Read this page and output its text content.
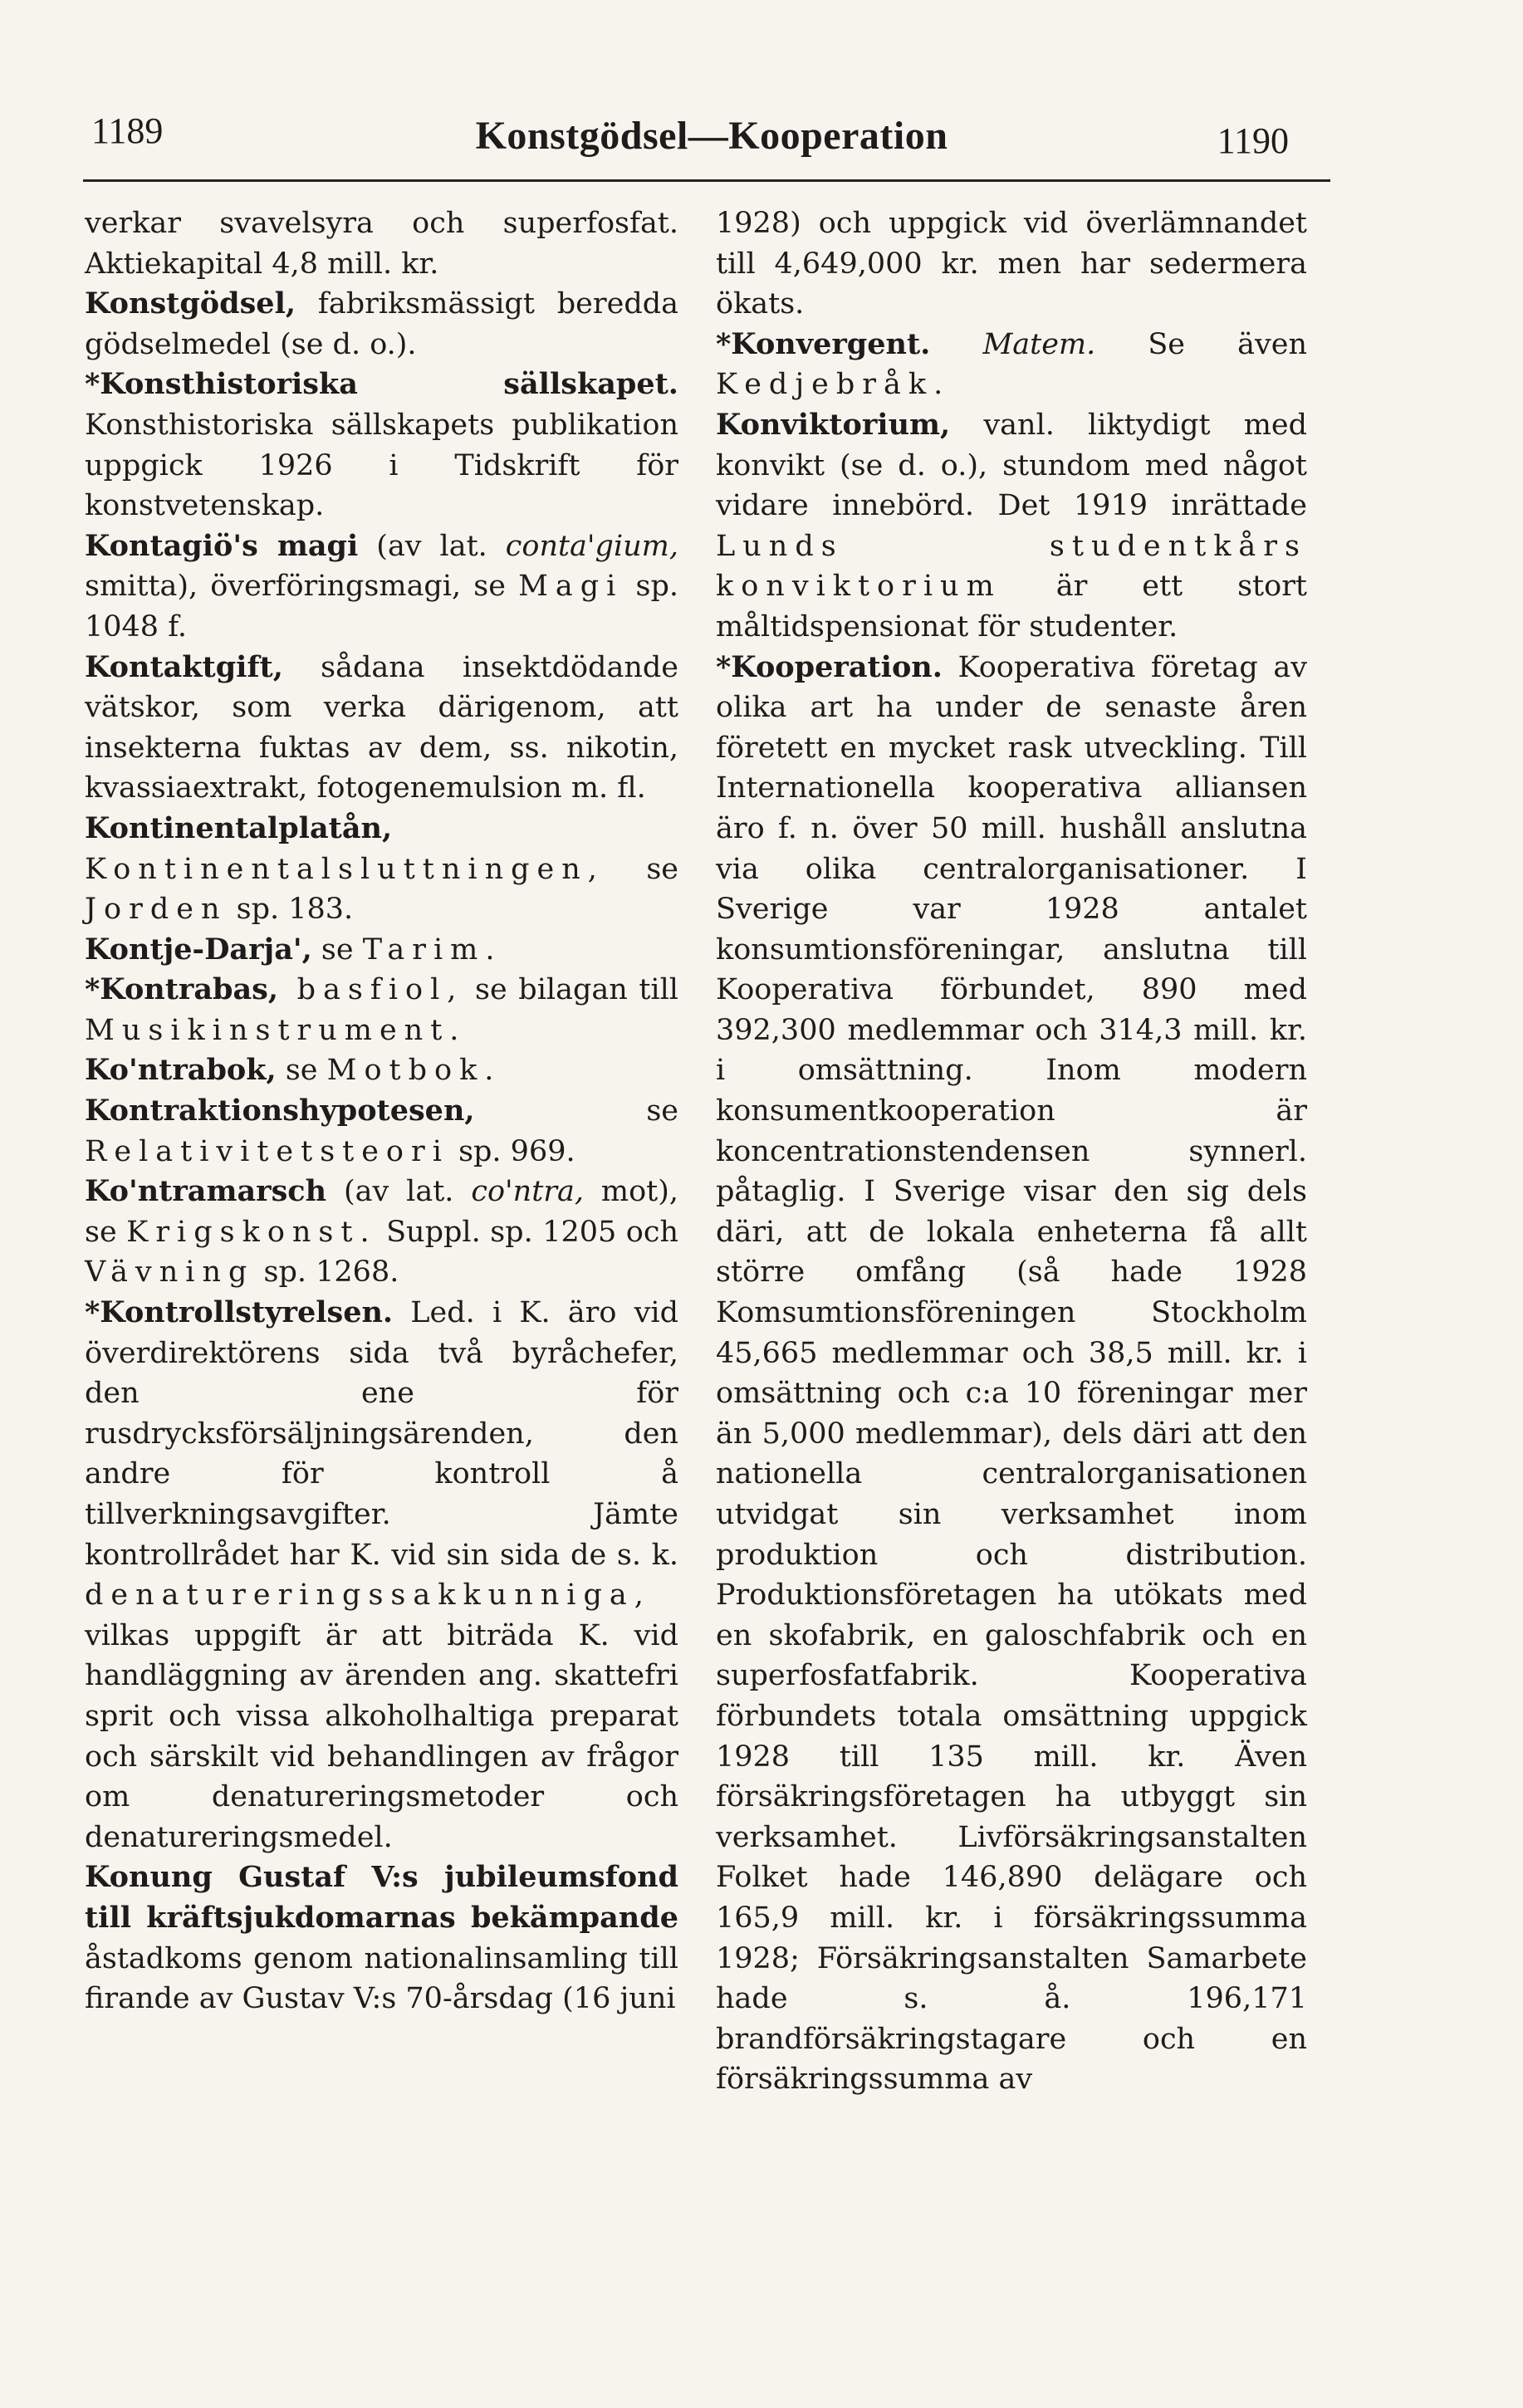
1189	Konstgödsel—Kooperation	1190

verkar svavelsyra och superfosfat. Aktiekapital 4,8 mill. kr.

Konstgödsel, fabriksmässigt beredda gödselmedel (se d. o.).

*Konsthistoriska sällskapet. Konsthistoriska sällskapets publikation uppgick 1926 i Tidskrift för konstvetenskap.

Kontagiö's magi (av lat. conta'gium, smitta), överföringsmagi, se Magi sp. 1048 f.

Kontaktgift, sådana insektdödande vätskor, som verka därigenom, att insekterna fuktas av dem, ss. nikotin, kvassiaextrakt, fotogenemulsion m. fl.

Kontinentalplatån, Kontinentalsluttningen, se Jorden sp. 183.

Kontje-Darja', se Tarim.

*Kontrabas, basfiol, se bilagan till Musikinstrument.

Ko'ntrabok, se Motbok.

Kontraktionshypotesen, se Relativitetsteori sp. 969.

Ko'ntramarsch (av lat. co'ntra, mot), se Krigskonst. Suppl. sp. 1205 och Vävning sp. 1268.

*Kontrollstyrelsen. Led. i K. äro vid överdirektörens sida två byråchefer, den ene för rusdrycksförsäljningsärenden, den andre för kontroll å tillverkningsavgifter. Jämte kontrollrådet har K. vid sin sida de s. k. denatureringssakkunniga, vilkas uppgift är att biträda K. vid handläggning av ärenden ang. skattefri sprit och vissa alkoholhaltiga preparat och särskilt vid behandlingen av frågor om denatureringsmetoder och denatureringsmedel.

Konung Gustaf V:s jubileumsfond till kräftsjukdomarnas bekämpande åstadkoms genom nationalinsamling till firande av Gustav V:s 70-årsdag (16 juni

1928) och uppgick vid överlämnandet till 4,649,000 kr. men har sedermera ökats.

*Konvergent. Matem. Se även Kedjebråk.

Konviktorium, vanl. liktydigt med konvikt (se d. o.), stundom med något vidare innebörd. Det 1919 inrättade Lunds studentkårs konviktorium är ett stort måltidspensionat för studenter.

*Kooperation. Kooperativa företag av olika art ha under de senaste åren företett en mycket rask utveckling. Till Internationella kooperativa alliansen äro f. n. över 50 mill. hushåll anslutna via olika centralorganisationer. I Sverige var 1928 antalet konsumtionsföreningar, anslutna till Kooperativa förbundet, 890 med 392,300 medlemmar och 314,3 mill. kr. i omsättning. Inom modern konsumentkooperation är koncentrationstendensen synnerl. påtaglig. I Sverige visar den sig dels däri, att de lokala enheterna få allt större omfång (så hade 1928 Komsumtionsföreningen Stockholm 45,665 medlemmar och 38,5 mill. kr. i omsättning och c:a 10 föreningar mer än 5,000 medlemmar), dels däri att den nationella centralorganisationen utvidgat sin verksamhet inom produktion och distribution. Produktionsföretagen ha utökats med en skofabrik, en galoschfabrik och en superfosfatfabrik. Kooperativa förbundets totala omsättning uppgick 1928 till 135 mill. kr. Även försäkringsföretagen ha utbyggt sin verksamhet. Livförsäkringsanstalten Folket hade 146,890 delägare och 165,9 mill. kr. i försäkringssumma 1928; Försäkringsanstalten Samarbete hade s. å. 196,171 brandförsäkringstagare och en försäkringssumma av
